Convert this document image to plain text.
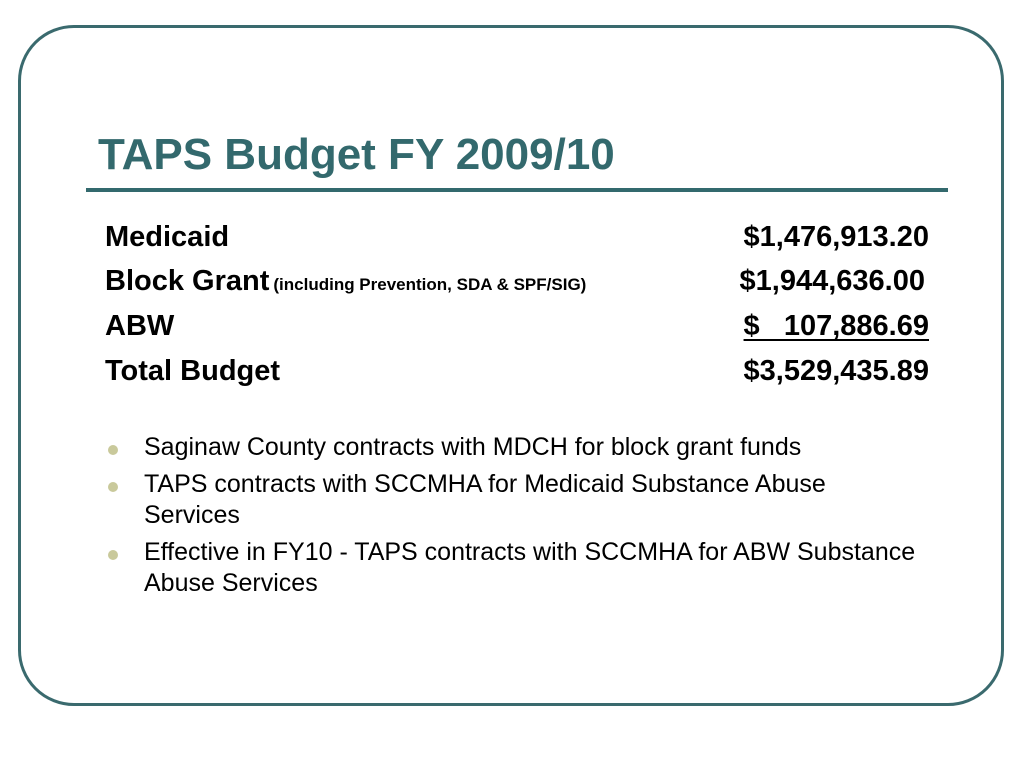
TAPS Budget FY 2009/10
Medicaid	$1,476,913.20
Block Grant (including Prevention, SDA & SPF/SIG)	$1,944,636.00
ABW	$   107,886.69
Total Budget	$3,529,435.89
Saginaw County contracts with MDCH for block grant funds
TAPS contracts with SCCMHA for Medicaid Substance Abuse Services
Effective in FY10 - TAPS contracts with SCCMHA for ABW Substance Abuse Services
